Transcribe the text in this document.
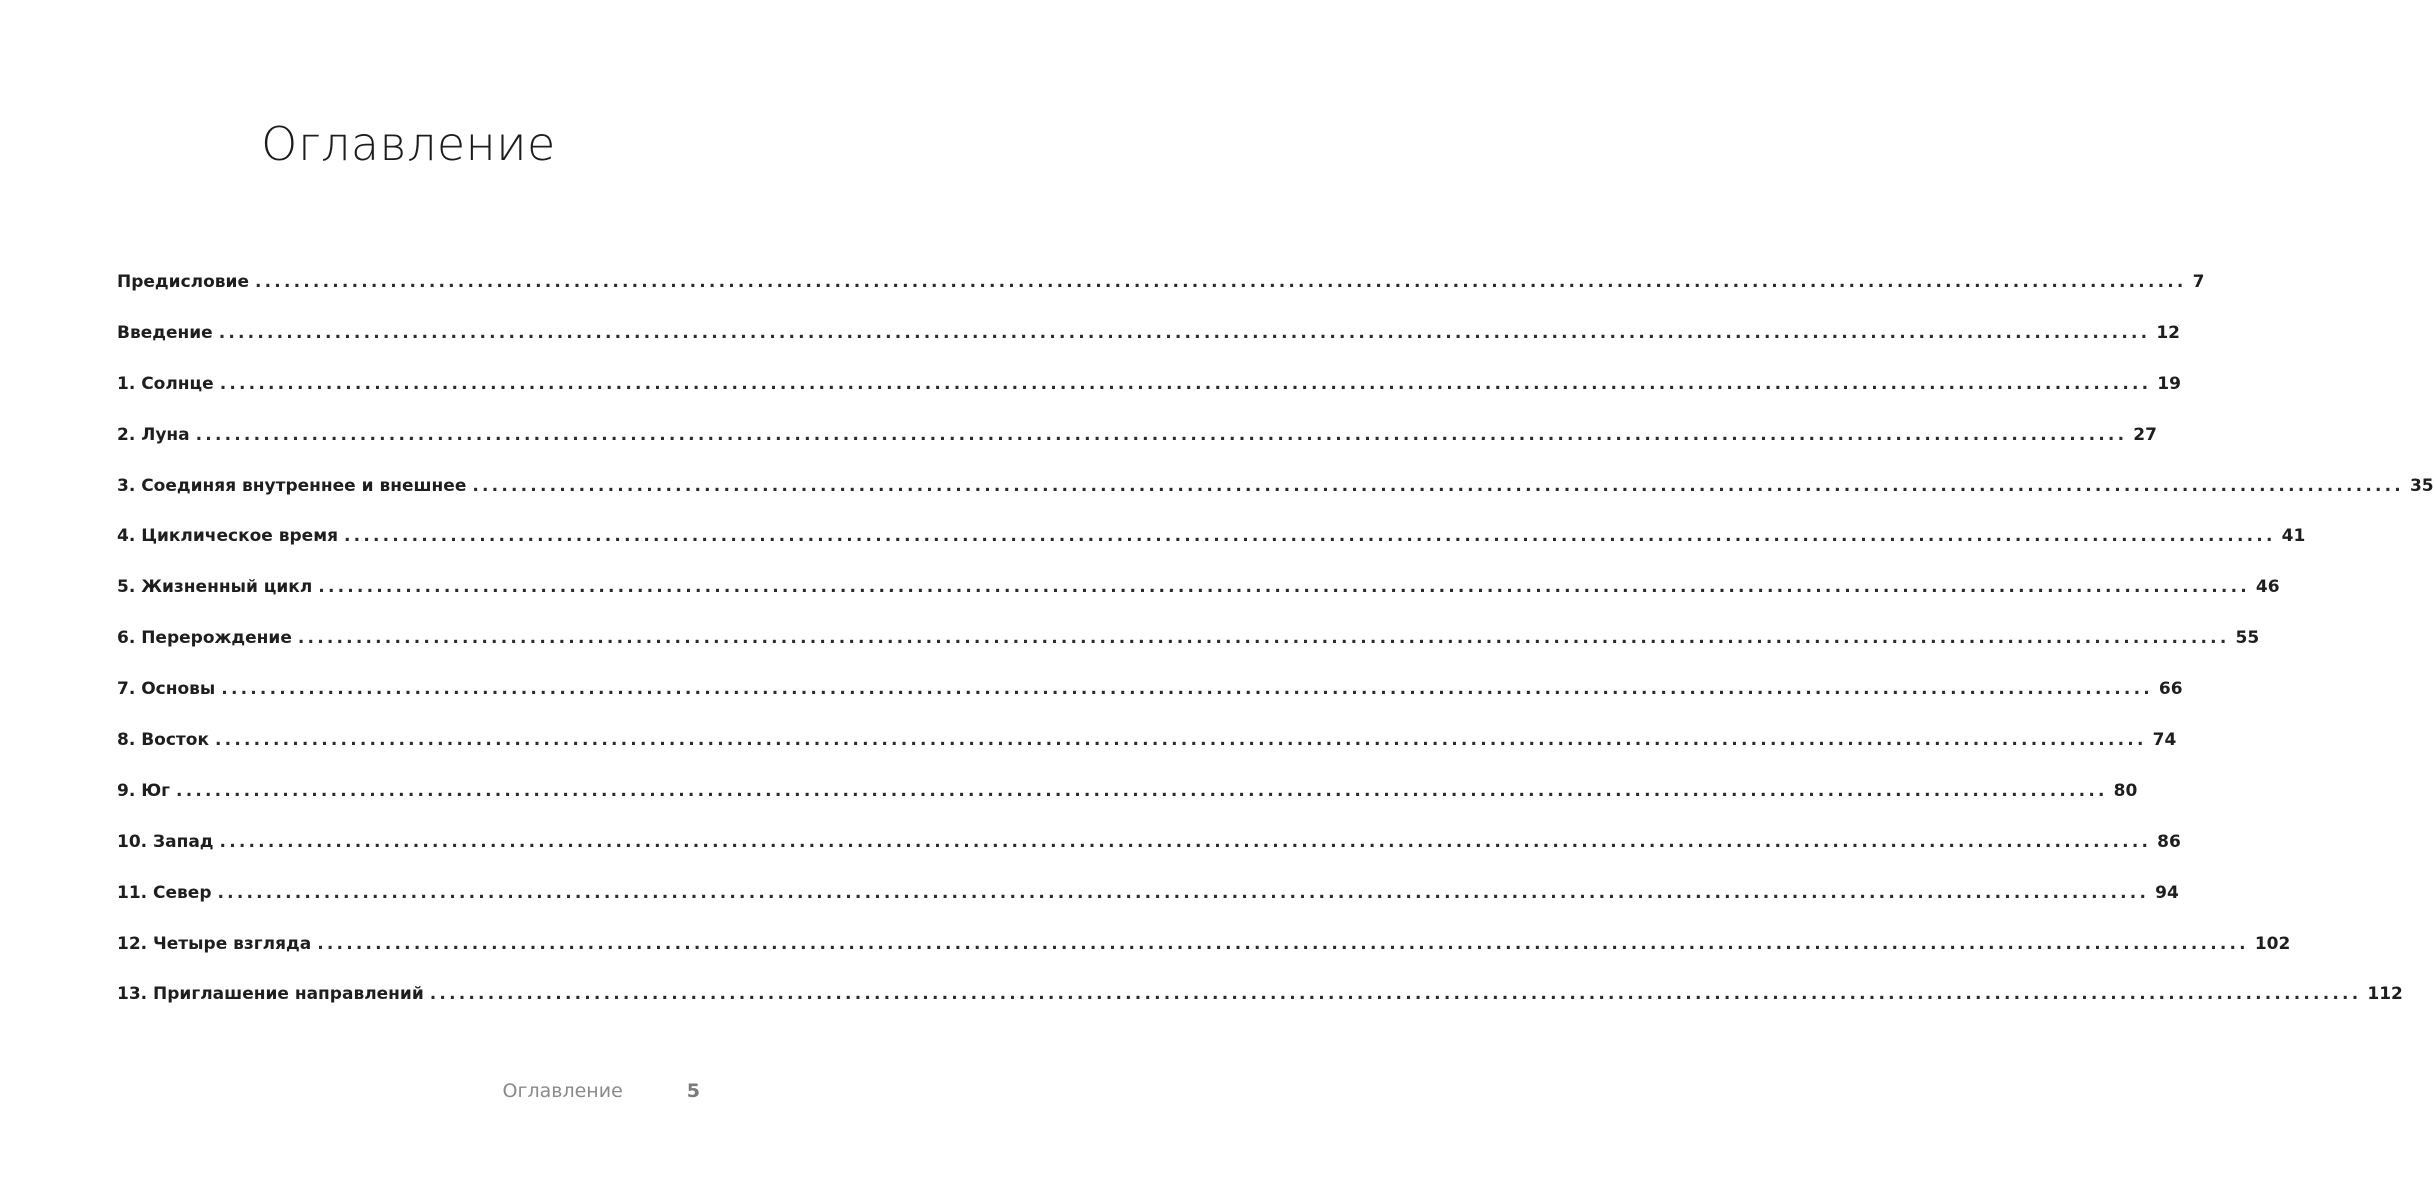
Оглавление
Предисловие ........................................................................................................................................................................................................ 7
Введение ........................................................................................................................................................................................................ 12
1. Солнце ........................................................................................................................................................................................................ 19
2. Луна ........................................................................................................................................................................................................ 27
3. Соединяя внутреннее и внешнее ........................................................................................................................................................................................................ 35
4. Циклическое время ........................................................................................................................................................................................................ 41
5. Жизненный цикл ........................................................................................................................................................................................................ 46
6. Перерождение ........................................................................................................................................................................................................ 55
7. Основы ........................................................................................................................................................................................................ 66
8. Восток ........................................................................................................................................................................................................ 74
9. Юг ........................................................................................................................................................................................................ 80
10. Запад ........................................................................................................................................................................................................ 86
11. Север ........................................................................................................................................................................................................ 94
12. Четыре взгляда ........................................................................................................................................................................................................ 102
13. Приглашение направлений ........................................................................................................................................................................................................ 112
Оглавление	5
